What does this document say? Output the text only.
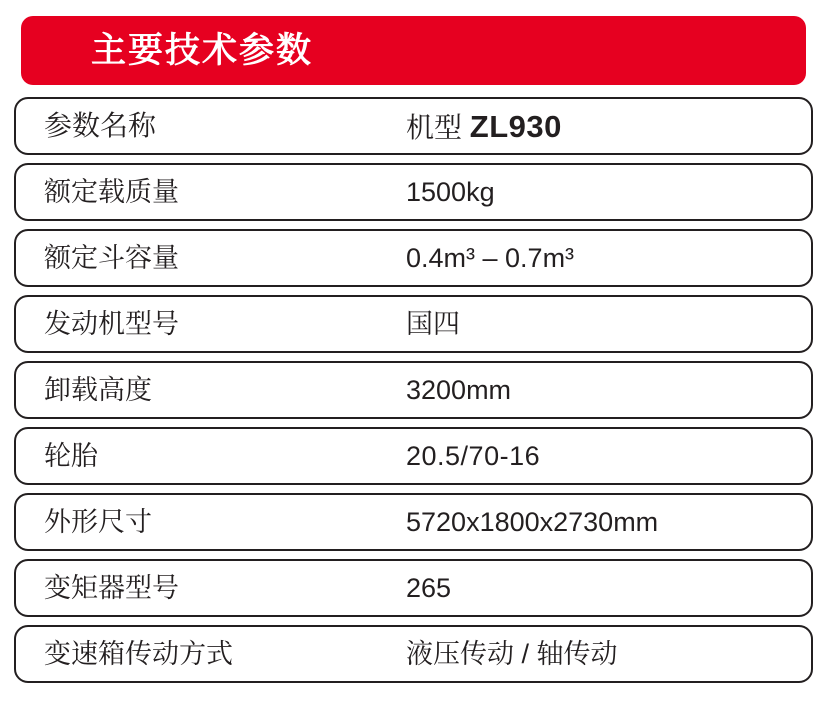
主要技术参数
参数名称	机型 ZL930
额定载质量	1500kg
额定斗容量	0.4m³ – 0.7m³
发动机型号	国四
卸载高度	3200mm
轮胎	20.5/70-16
外形尺寸	5720x1800x2730mm
变矩器型号	265
变速箱传动方式	液压传动 / 轴传动
